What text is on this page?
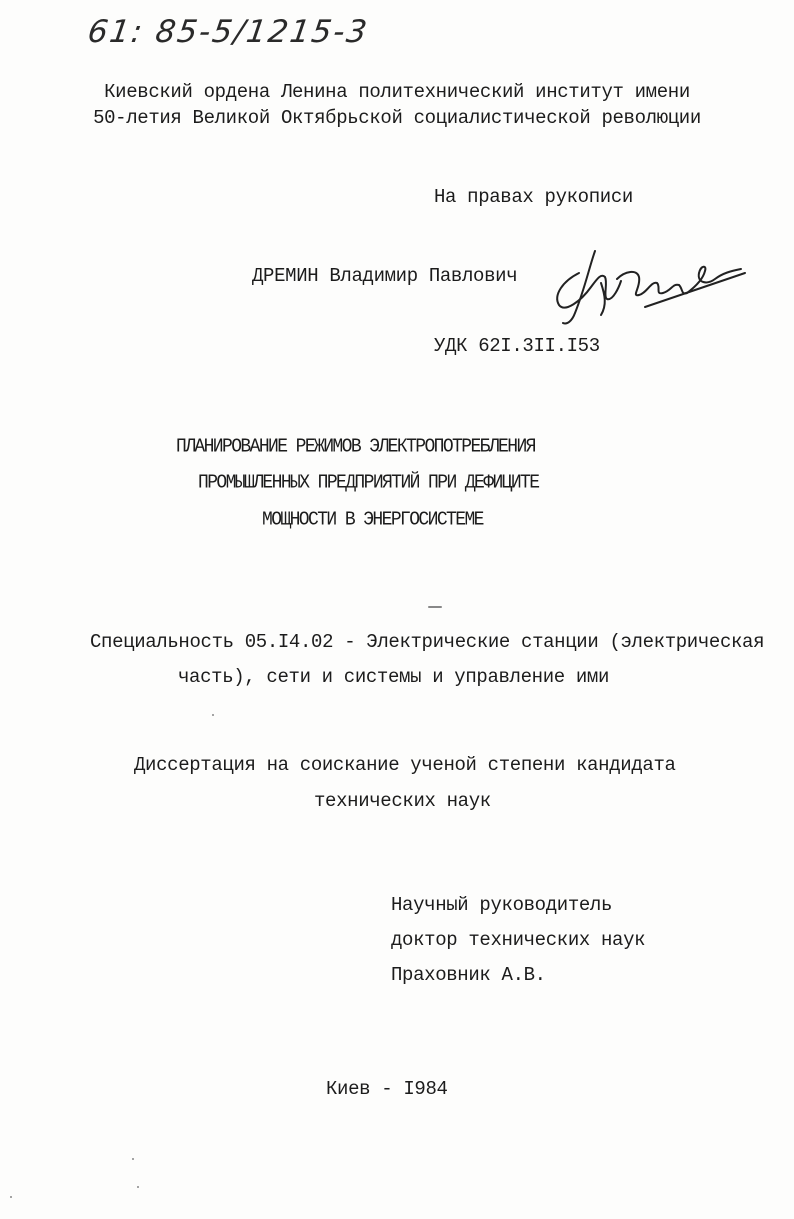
61: 85-5/1215-3
Киевский ордена Ленина политехнический институт имени
50-летия Великой Октябрьской социалистической революции
На правах рукописи
ДРЕМИН Владимир Павлович
УДК 62I.3II.I53
ПЛАНИРОВАНИЕ РЕЖИМОВ ЭЛЕКТРОПОТРЕБЛЕНИЯ
ПРОМЫШЛЕННЫХ ПРЕДПРИЯТИЙ ПРИ ДЕФИЦИТЕ
МОЩНОСТИ В ЭНЕРГОСИСТЕМЕ
Специальность 05.I4.02 - Электрические станции (электрическая
часть), сети и системы и управление ими
Диссертация на соискание ученой степени кандидата
технических наук
Научный руководитель
доктор технических наук
Праховник А.В.
Киев - I984
